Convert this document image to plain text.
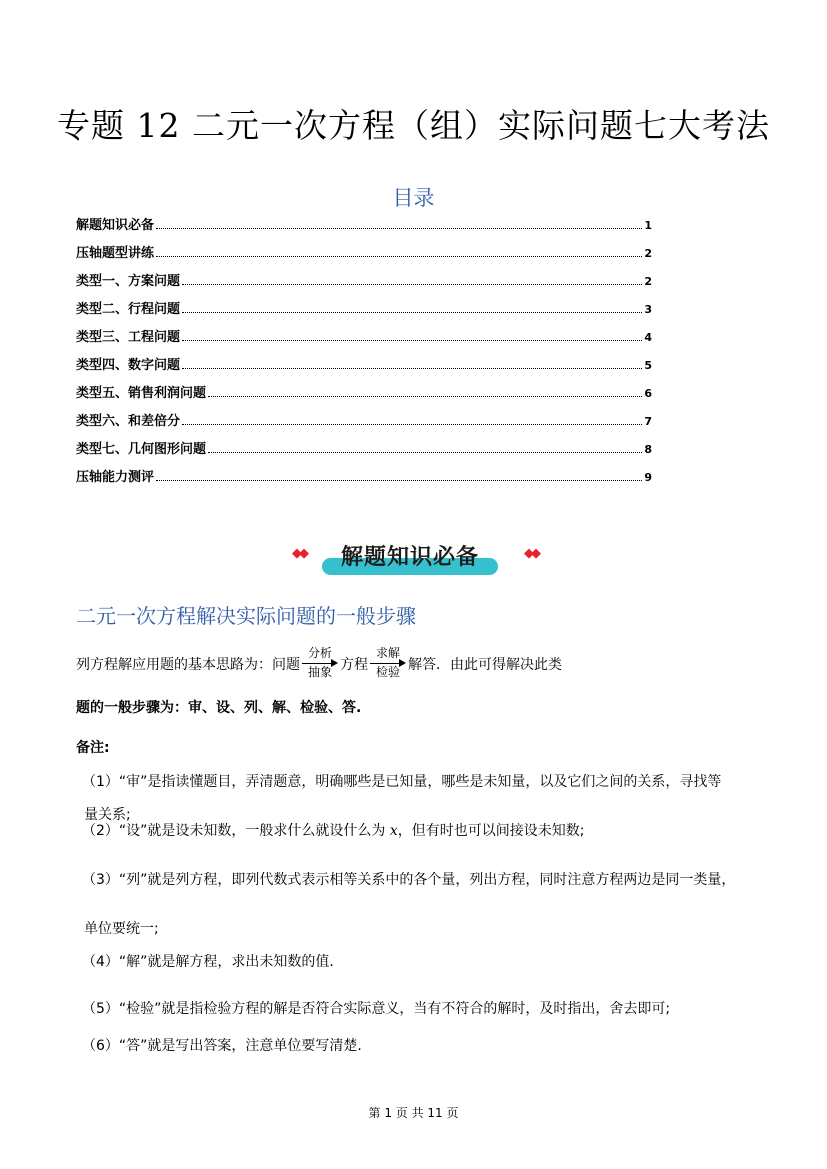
专题 12 二元一次方程（组）实际问题七大考法
目录
解题知识必备	1
压轴题型讲练	2
类型一、方案问题	2
类型二、行程问题	3
类型三、工程问题	4
类型四、数字问题	5
类型五、销售利润问题	6
类型六、和差倍分	7
类型七、几何图形问题	8
压轴能力测评	9
◆◆	解题知识必备	◆◆
二元一次方程解决实际问题的一般步骤
列方程解应用题的基本思路为：问题
分析
抽象 方程
求解
检验 解答．由此可得解决此类
题的一般步骤为：审、设、列、解、检验、答.
备注:
（1）“审”是指读懂题目，弄清题意，明确哪些是已知量，哪些是未知量，以及它们之间的关系，寻找等
量关系;
（2）“设”就是设未知数，一般求什么就设什么为 x，但有时也可以间接设未知数;
（3）“列”就是列方程，即列代数式表示相等关系中的各个量，列出方程，同时注意方程两边是同一类量，
单位要统一;
（4）“解”就是解方程，求出未知数的值.
（5）“检验”就是指检验方程的解是否符合实际意义，当有不符合的解时，及时指出，舍去即可;
（6）“答”就是写出答案，注意单位要写清楚.
第 1 页 共 11 页
